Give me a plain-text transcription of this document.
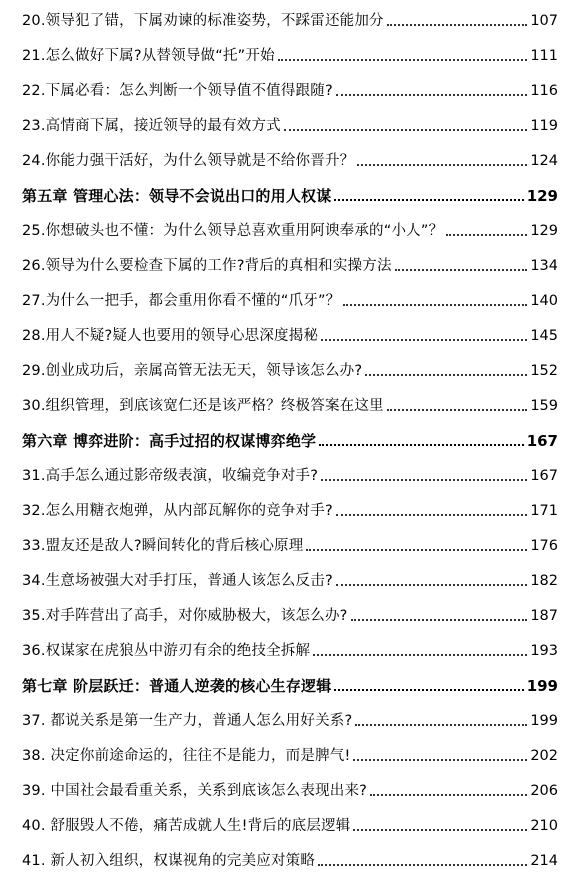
20.领导犯了错，下属劝谏的标准姿势，不踩雷还能加分	107
21.怎么做好下属?从替领导做“托”开始	111
22.下属必看：怎么判断一个领导值不值得跟随?	116
23.高情商下属，接近领导的最有效方式	119
24.你能力强干活好，为什么领导就是不给你晋升？	124
第五章 管理心法：领导不会说出口的用人权谋	129
25.你想破头也不懂：为什么领导总喜欢重用阿谀奉承的“小人”？	129
26.领导为什么要检查下属的工作?背后的真相和实操方法	134
27.为什么一把手，都会重用你看不懂的“爪牙”？	140
28.用人不疑?疑人也要用的领导心思深度揭秘	145
29.创业成功后，亲属高管无法无天，领导该怎么办?	152
30.组织管理，到底该宽仁还是该严格？终极答案在这里	159
第六章 博弈进阶：高手过招的权谋博弈绝学	167
31.高手怎么通过影帝级表演，收编竞争对手?	167
32.怎么用糖衣炮弹，从内部瓦解你的竞争对手?	171
33.盟友还是敌人?瞬间转化的背后核心原理	176
34.生意场被强大对手打压，普通人该怎么反击?	182
35.对手阵营出了高手，对你威胁极大，该怎么办?	187
36.权谋家在虎狼丛中游刃有余的绝技全拆解	193
第七章 阶层跃迁：普通人逆袭的核心生存逻辑	199
37. 都说关系是第一生产力，普通人怎么用好关系?	199
38. 决定你前途命运的，往往不是能力，而是脾气!	202
39. 中国社会最看重关系，关系到底该怎么表现出来?	206
40. 舒服毁人不倦，痛苦成就人生!背后的底层逻辑	210
41. 新人初入组织，权谋视角的完美应对策略	214
